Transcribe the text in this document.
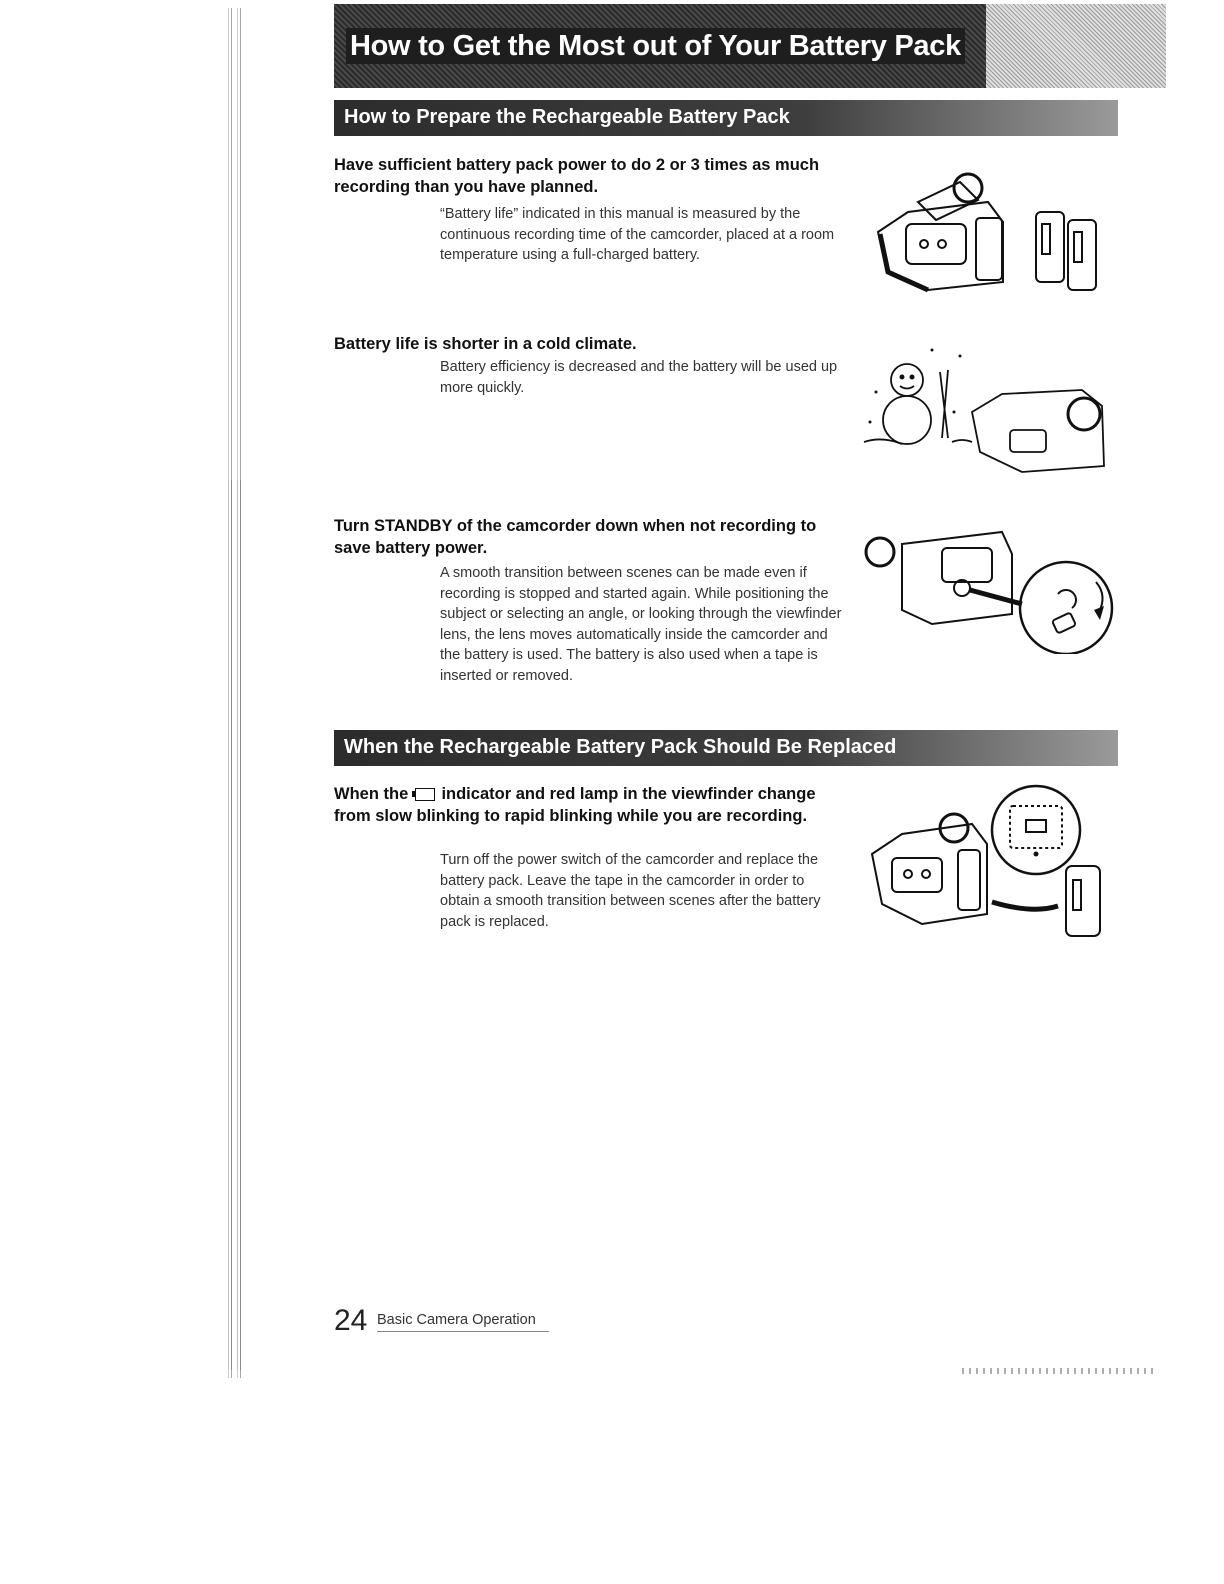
How to Get the Most out of Your Battery Pack
How to Prepare the Rechargeable Battery Pack
Have sufficient battery pack power to do 2 or 3 times as much recording than you have planned.
“Battery life” indicated in this manual is measured by the continuous recording time of the camcorder, placed at a room temperature using a full-charged battery.
Battery life is shorter in a cold climate.
Battery efficiency is decreased and the battery will be used up more quickly.
Turn STANDBY of the camcorder down when not recording to save battery power.
A smooth transition between scenes can be made even if recording is stopped and started again. While positioning the subject or selecting an angle, or looking through the viewfinder lens, the lens moves automatically inside the camcorder and the battery is used. The battery is also used when a tape is inserted or removed.
When the Rechargeable Battery Pack Should Be Replaced
When the indicator and red lamp in the viewfinder change from slow blinking to rapid blinking while you are recording.
Turn off the power switch of the camcorder and replace the battery pack. Leave the tape in the camcorder in order to obtain a smooth transition between scenes after the battery pack is replaced.
24 Basic Camera Operation
